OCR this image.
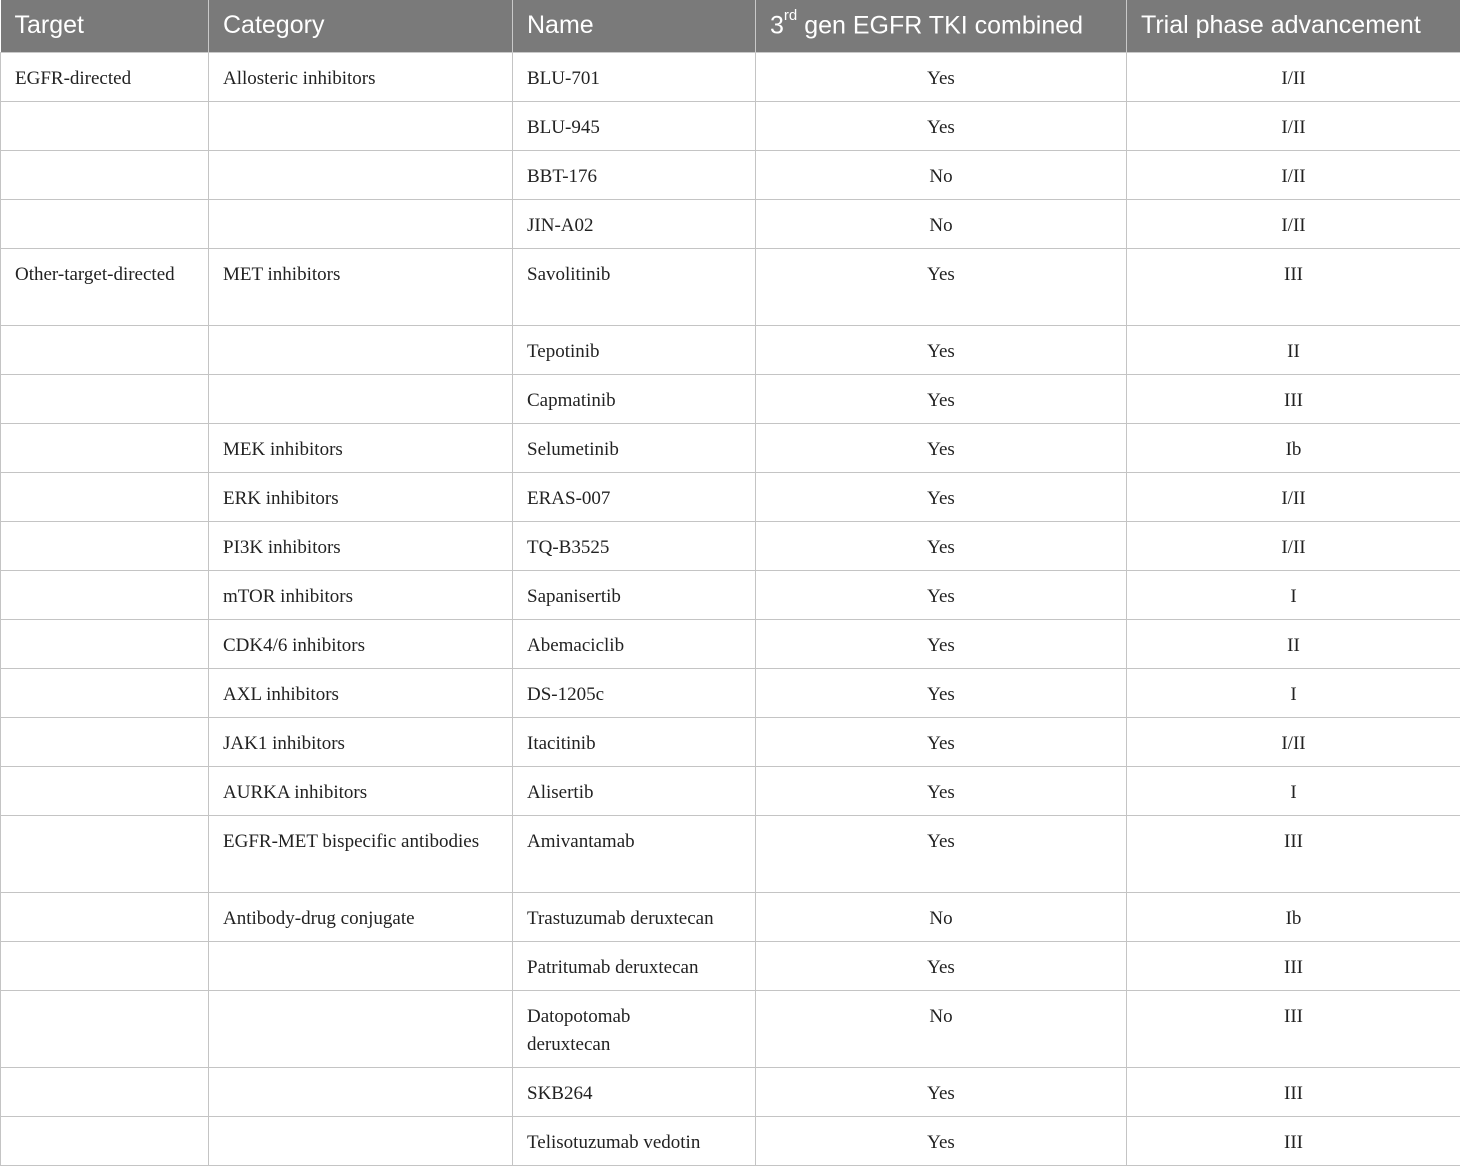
Target	Category	Name	3rd gen EGFR TKI combined	Trial phase advancement
EGFR-directed	Allosteric inhibitors	BLU-701	Yes	I/II
		BLU-945	Yes	I/II
		BBT-176	No	I/II
		JIN-A02	No	I/II
Other-target-directed	MET inhibitors	Savolitinib	Yes	III
		Tepotinib	Yes	II
		Capmatinib	Yes	III
	MEK inhibitors	Selumetinib	Yes	Ib
	ERK inhibitors	ERAS-007	Yes	I/II
	PI3K inhibitors	TQ-B3525	Yes	I/II
	mTOR inhibitors	Sapanisertib	Yes	I
	CDK4/6 inhibitors	Abemaciclib	Yes	II
	AXL inhibitors	DS-1205c	Yes	I
	JAK1 inhibitors	Itacitinib	Yes	I/II
	AURKA inhibitors	Alisertib	Yes	I
	EGFR-MET bispecific antibodies	Amivantamab	Yes	III
	Antibody-drug conjugate	Trastuzumab deruxtecan	No	Ib
		Patritumab deruxtecan	Yes	III
		Datopotomab deruxtecan	No	III
		SKB264	Yes	III
		Telisotuzumab vedotin	Yes	III
